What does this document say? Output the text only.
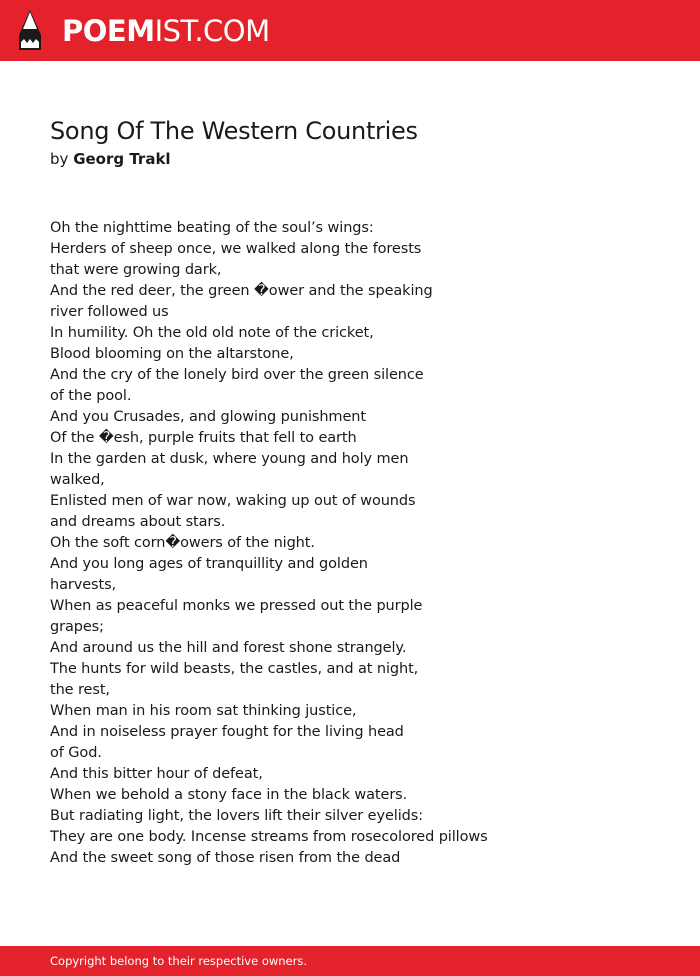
POEMIST.COM
Song Of The Western Countries
by Georg Trakl
Oh the nighttime beating of the soul’s wings:
Herders of sheep once, we walked along the forests
that were growing dark,
And the red deer, the green �ower and the speaking
river followed us
In humility. Oh the old old note of the cricket,
Blood blooming on the altarstone,
And the cry of the lonely bird over the green silence
of the pool.
And you Crusades, and glowing punishment
Of the �esh, purple fruits that fell to earth
In the garden at dusk, where young and holy men
walked,
Enlisted men of war now, waking up out of wounds
and dreams about stars.
Oh the soft corn�owers of the night.
And you long ages of tranquillity and golden
harvests,
When as peaceful monks we pressed out the purple
grapes;
And around us the hill and forest shone strangely.
The hunts for wild beasts, the castles, and at night,
the rest,
When man in his room sat thinking justice,
And in noiseless prayer fought for the living head
of God.
And this bitter hour of defeat,
When we behold a stony face in the black waters.
But radiating light, the lovers lift their silver eyelids:
They are one body. Incense streams from rosecolored pillows
And the sweet song of those risen from the dead
Copyright belong to their respective owners.
